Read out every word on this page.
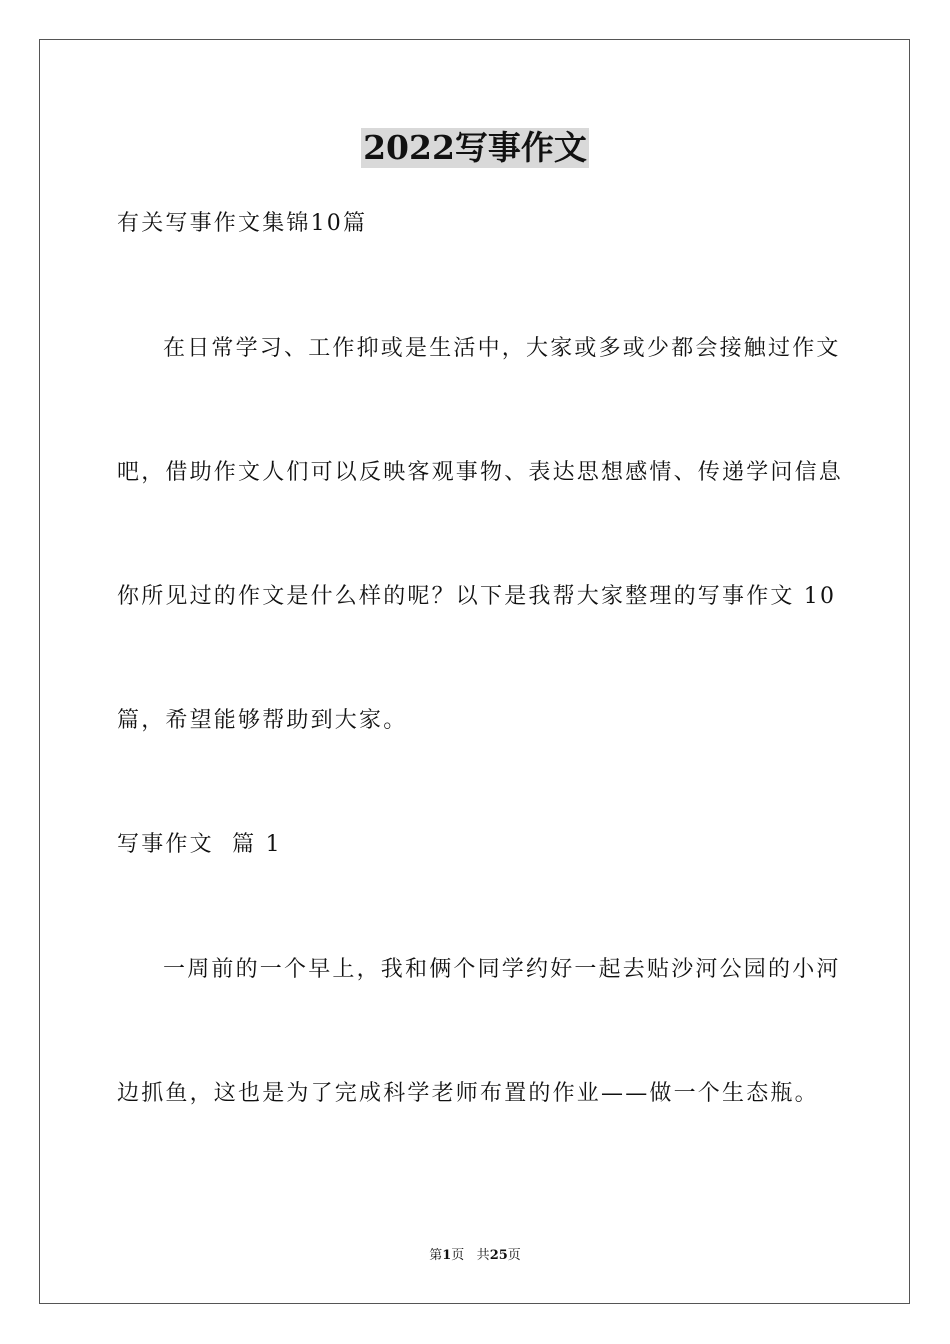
2022写事作文
有关写事作文集锦10篇
在日常学习、工作抑或是生活中，大家或多或少都会接触过作文
吧，借助作文人们可以反映客观事物、表达思想感情、传递学问信息
你所见过的作文是什么样的呢？以下是我帮大家整理的写事作文 10
篇，希望能够帮助到大家。
写事作文  篇 1
一周前的一个早上，我和俩个同学约好一起去贴沙河公园的小河
边抓鱼，这也是为了完成科学老师布置的作业——做一个生态瓶。
第1页 共25页
